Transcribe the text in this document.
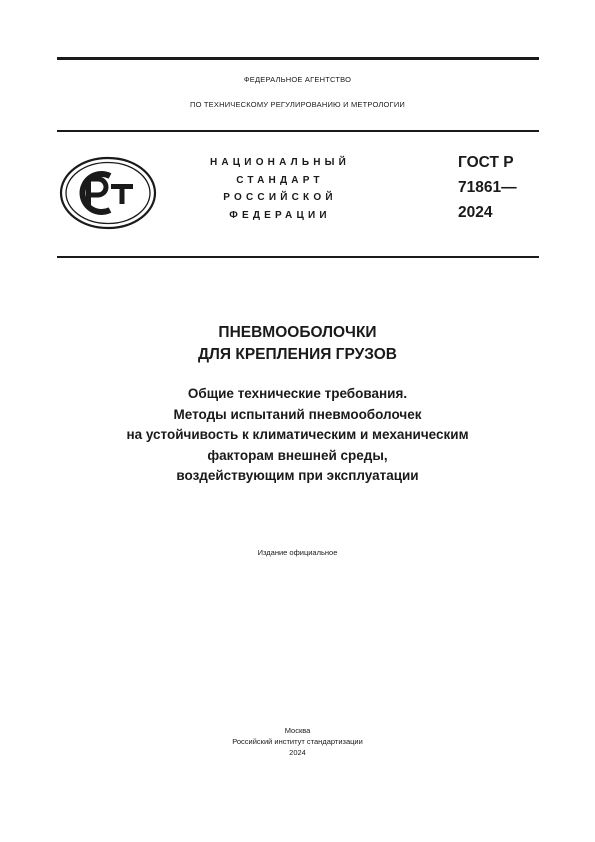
ФЕДЕРАЛЬНОЕ АГЕНТСТВО
ПО ТЕХНИЧЕСКОМУ РЕГУЛИРОВАНИЮ И МЕТРОЛОГИИ
НАЦИОНАЛЬНЫЙ
СТАНДАРТ
РОССИЙСКОЙ
ФЕДЕРАЦИИ
ГОСТ Р
71861—
2024
ПНЕВМООБОЛОЧКИ
ДЛЯ КРЕПЛЕНИЯ ГРУЗОВ
Общие технические требования.
Методы испытаний пневмооболочек
на устойчивость к климатическим и механическим
факторам внешней среды,
воздействующим при эксплуатации
Издание официальное
Москва
Российский институт стандартизации
2024
